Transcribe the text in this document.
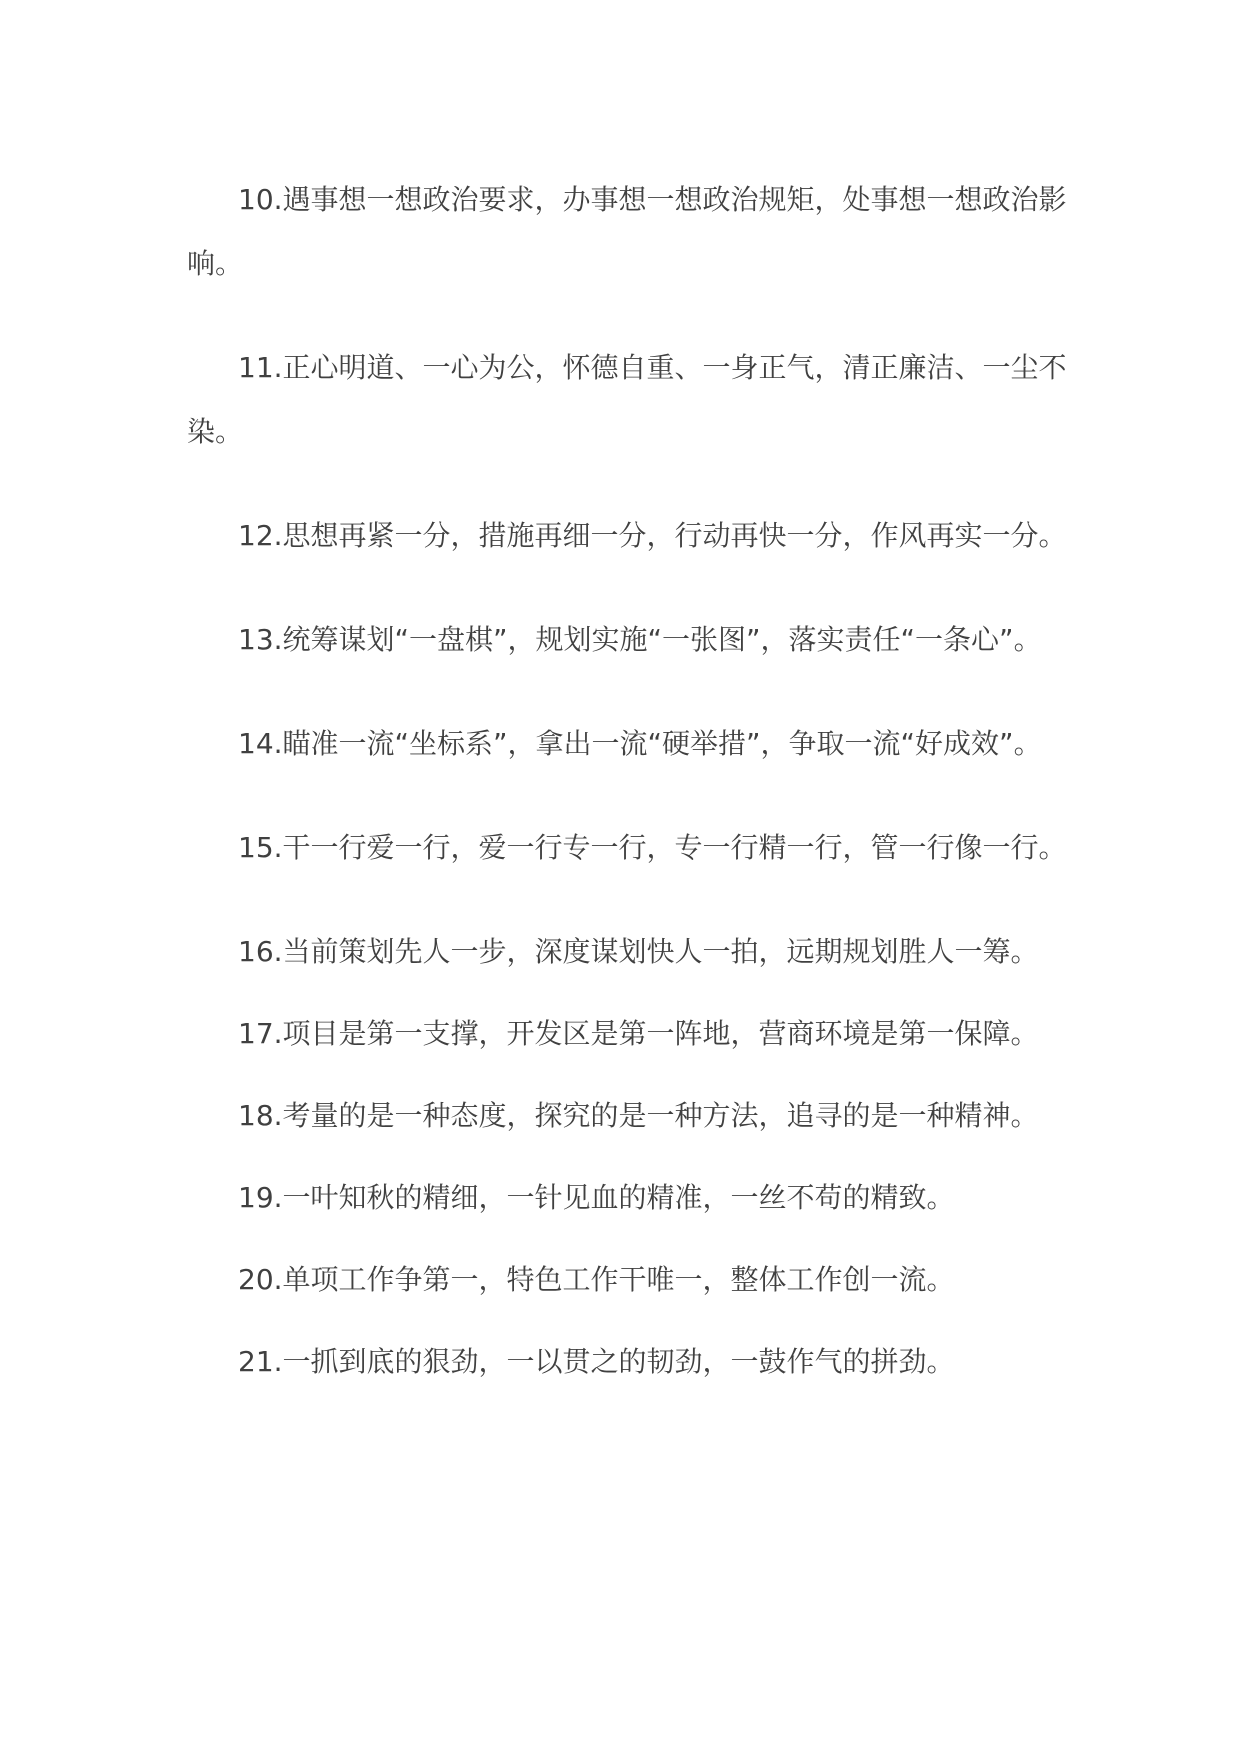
10.遇事想一想政治要求，办事想一想政治规矩，处事想一想政治影响。

11.正心明道、一心为公，怀德自重、一身正气，清正廉洁、一尘不染。

12.思想再紧一分，措施再细一分，行动再快一分，作风再实一分。

13.统筹谋划“一盘棋”，规划实施“一张图”，落实责任“一条心”。

14.瞄准一流“坐标系”，拿出一流“硬举措”，争取一流“好成效”。

15.干一行爱一行，爱一行专一行，专一行精一行，管一行像一行。

16.当前策划先人一步，深度谋划快人一拍，远期规划胜人一筹。

17.项目是第一支撑，开发区是第一阵地，营商环境是第一保障。

18.考量的是一种态度，探究的是一种方法，追寻的是一种精神。

19.一叶知秋的精细，一针见血的精准，一丝不苟的精致。

20.单项工作争第一，特色工作干唯一，整体工作创一流。

21.一抓到底的狠劲，一以贯之的韧劲，一鼓作气的拼劲。
